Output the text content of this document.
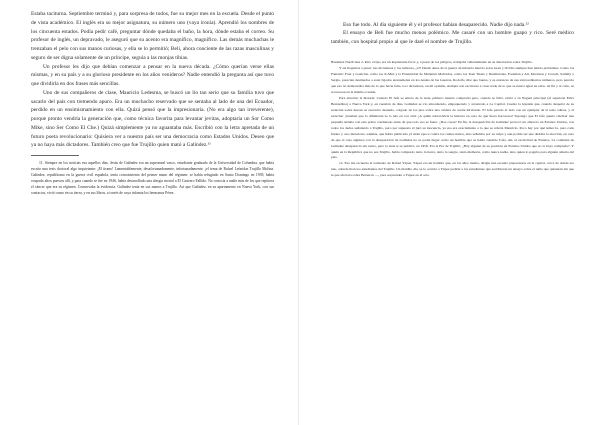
Estaba taciturna. Septiembre terminó y, para sorpresa de todos, fue su mejor mes en la escuela. Desde el punto de vista académico. El inglés era su mejor asignatura, su número uno (vaya ironía). Aprendió los nombres de los cincuenta estados. Podía pedir café, preguntar dónde quedaba el baño, la hora, dónde estaba el correo. Su profesor de inglés, un depravado, le aseguró que su acento era magnífico, magnífico. Las demás muchachas le trenzaban el pelo con sus manos curiosas, y ella se lo permitió; Beli, ahora conciente de las razas masculinas y seguro de ser digna solamente de un príncipe, seguía a las monjas tibias.

Un profesor les dijo que debían comenzar a pensar en la nueva década. ¿Cómo querían verse ellas mismas, y en su país y a su glorioso presidente en los años venideros? Nadie entendió la pregunta así que tuvo que dividirla en dos frases más sencillas.

Uno de sus compañeros de clase, Mauricio Ledesma, se buscó un lío tan serio que su familia tuvo que sacarlo del país con tremendo apuro. Era un muchacho reservado que se sentaba al lado de una del Ecuador, perdido en un ensimismamiento con ella. Quizá pensó que la impresionaría. (No era algo tan irreverente), porque pronto vendría la generación que, como técnica favorita para levantar jevitas, adoptaría un Sor Como Mike, sino Ser Como El Che.) Quizá simplemente ya no aguantaba más. Escribió con la letra apretada de un futuro poeta revolucionario: Quisiera ver a nuestro país ser una democracia como Estados Unidos. Deseo que ya no haya más dictadores. También creo que fue Trujillo quien mató a Galíndez.¹¹

11. Siempre en los noticias esa aquellos días. Jesús de Galíndez era un supermeal vasco, estudiante graduado de la Universidad de Columbia, que había escrito una tesis doctoral algo inquietante: ¡El tirano! Lamentablemente, desafortunadamente, infortunadamente, ¡el tema de Rafael Leónidas Trujillo Molina. Galíndez, republicano en la guerra civil española, tenía conocimiento del primer mano del régimen: se había refugiado en Santo Domingo en 1939, había ocupado altos puestos allí, y para cuando se fue en 1946, había desarrollado una alergia mortal a El Castrero Fallido. No conocía a nadie más de los que repitiera el cáncer que era su régimen. Conservaba la evidencia. Galíndez tenía en sus manos a Trujillo. Así que Galíndez, en su apartamento en Nueva York, con sus contactos, vivió como en su tierra, y en sus libros, a través de cuya infamia los hermanos Pérez.

Eso fue todo. Al día siguiente él y el profesor habían desaparecido. Nadie dijo nada.¹²

El ensayo de Beli fue mucho menos polémico. Me casaré con un hombre guapo y rico. Seré médico también, con hospital propio al que le daré el nombre de Trujillo.

Banamex NardClase 2. Pero el tipo era un inquietante favor y, a pesar de los peligros, trabajaba valientemente en su disertación sobre Trujillo.

Y así llegamos a pesar: sus dictaduras y los rumores, ¿el? Desde antes de la guerra de infancia mezcla estos Gran y Ovidio siempre han tenido problemas. Como los Fantastic Four y Galactus, como los X-Men y la Fraternidad de Mutantes Malvados, como los Teen Titans y Deathstroke, Foreman y Ali, Morrison y Crouch, Sammy y Sergio, parecían destinados a estar ligados eternamente en los Andes de las Guerras. Rodolfo dice que bueno, y es entonces de sus extraordinarios números, pero parecía que eso no demostraba más de lo que hacía falta. Los dictadores, en mi opinión, siempre son escritores a creer nada de lo que se nunca igual en ellos. Al fin y al cabo, se reconocen en la misma ocasión.

Para abreviar la historia: Cuando El Jefe se enteró de la tesis, primero intentó comprarla pero, cuando se falló, envió a su Nagual principal (el sepulcral Felix Bernardino) a Nueva York y, en cuestión de días, Galíndez se vio amordazado, empaquetado y arrastrado a La Capital. Cuenta la leyenda que, cuando despertó de su sedación sobre heroes se encontró desnudo, colgado de los pies sobre una caldera de aceite hirviendo. El Jefe parado al lado con un ejemplar de la tesis odiosa, y al escuchar ¡trataban que lo difamaran se lo leía en voz alta! ¿A quién sobreviviría la historia en caso de que fuera horrorosa? Supongo que El Jefe quería celebrar una pequeña tertulia con este pobre condenado antes de que todo eso se fuera. ¿Dos casos? En fin, la desaparición de Galíndez provocó un alboroto en Estados Unidos, con todos los dedos señalando a Trujillo, pero por supuesto él juró su inocencia, ya eso era exactamente a lo que se refería Mauricio. Poco hay por qué temer fe, pero cada fulano y otro mencionó, además, que había publicado ya mala época contra los cuales nunca, sino señalaba por su culpa y aun podría ser que dudaba la elección, en caso de que el caso siguiera con la desaparición de Galíndez no se podía llegar como un hombre que se había vendido Todo. Ah, el esclavitud de Estados. La comisión de Galíndez desapareció sin rastro, pero la tesis sí se publicó, en 1956, Era la Era de Trujillo; ¿Hay alguien de su posición en Estados Unidos que no la haya comprado?, Y quién en la República que no sea Trujillo, había comprado tanto la tierra, tanto la sangre, tanta memoria, como nunca nadie, sino quien lo pagaba para alguien amaría del país.

12. Eso me recuerda el tormento de Rafael Yépez. Yépez era un hombre que, en los años treinta, dirigía una escuela preparatoria en la capital, cerca de donde era uno, adonde iban los estudiantes del Trujillo. Un maldito día, se le ocurrió a Yépez pedirle a los estudiantes que escribieran un ensayo sobre el tema que quisieran sin que le que afectara sobre Betancur —, para sorprender a Yépez en el acto.
